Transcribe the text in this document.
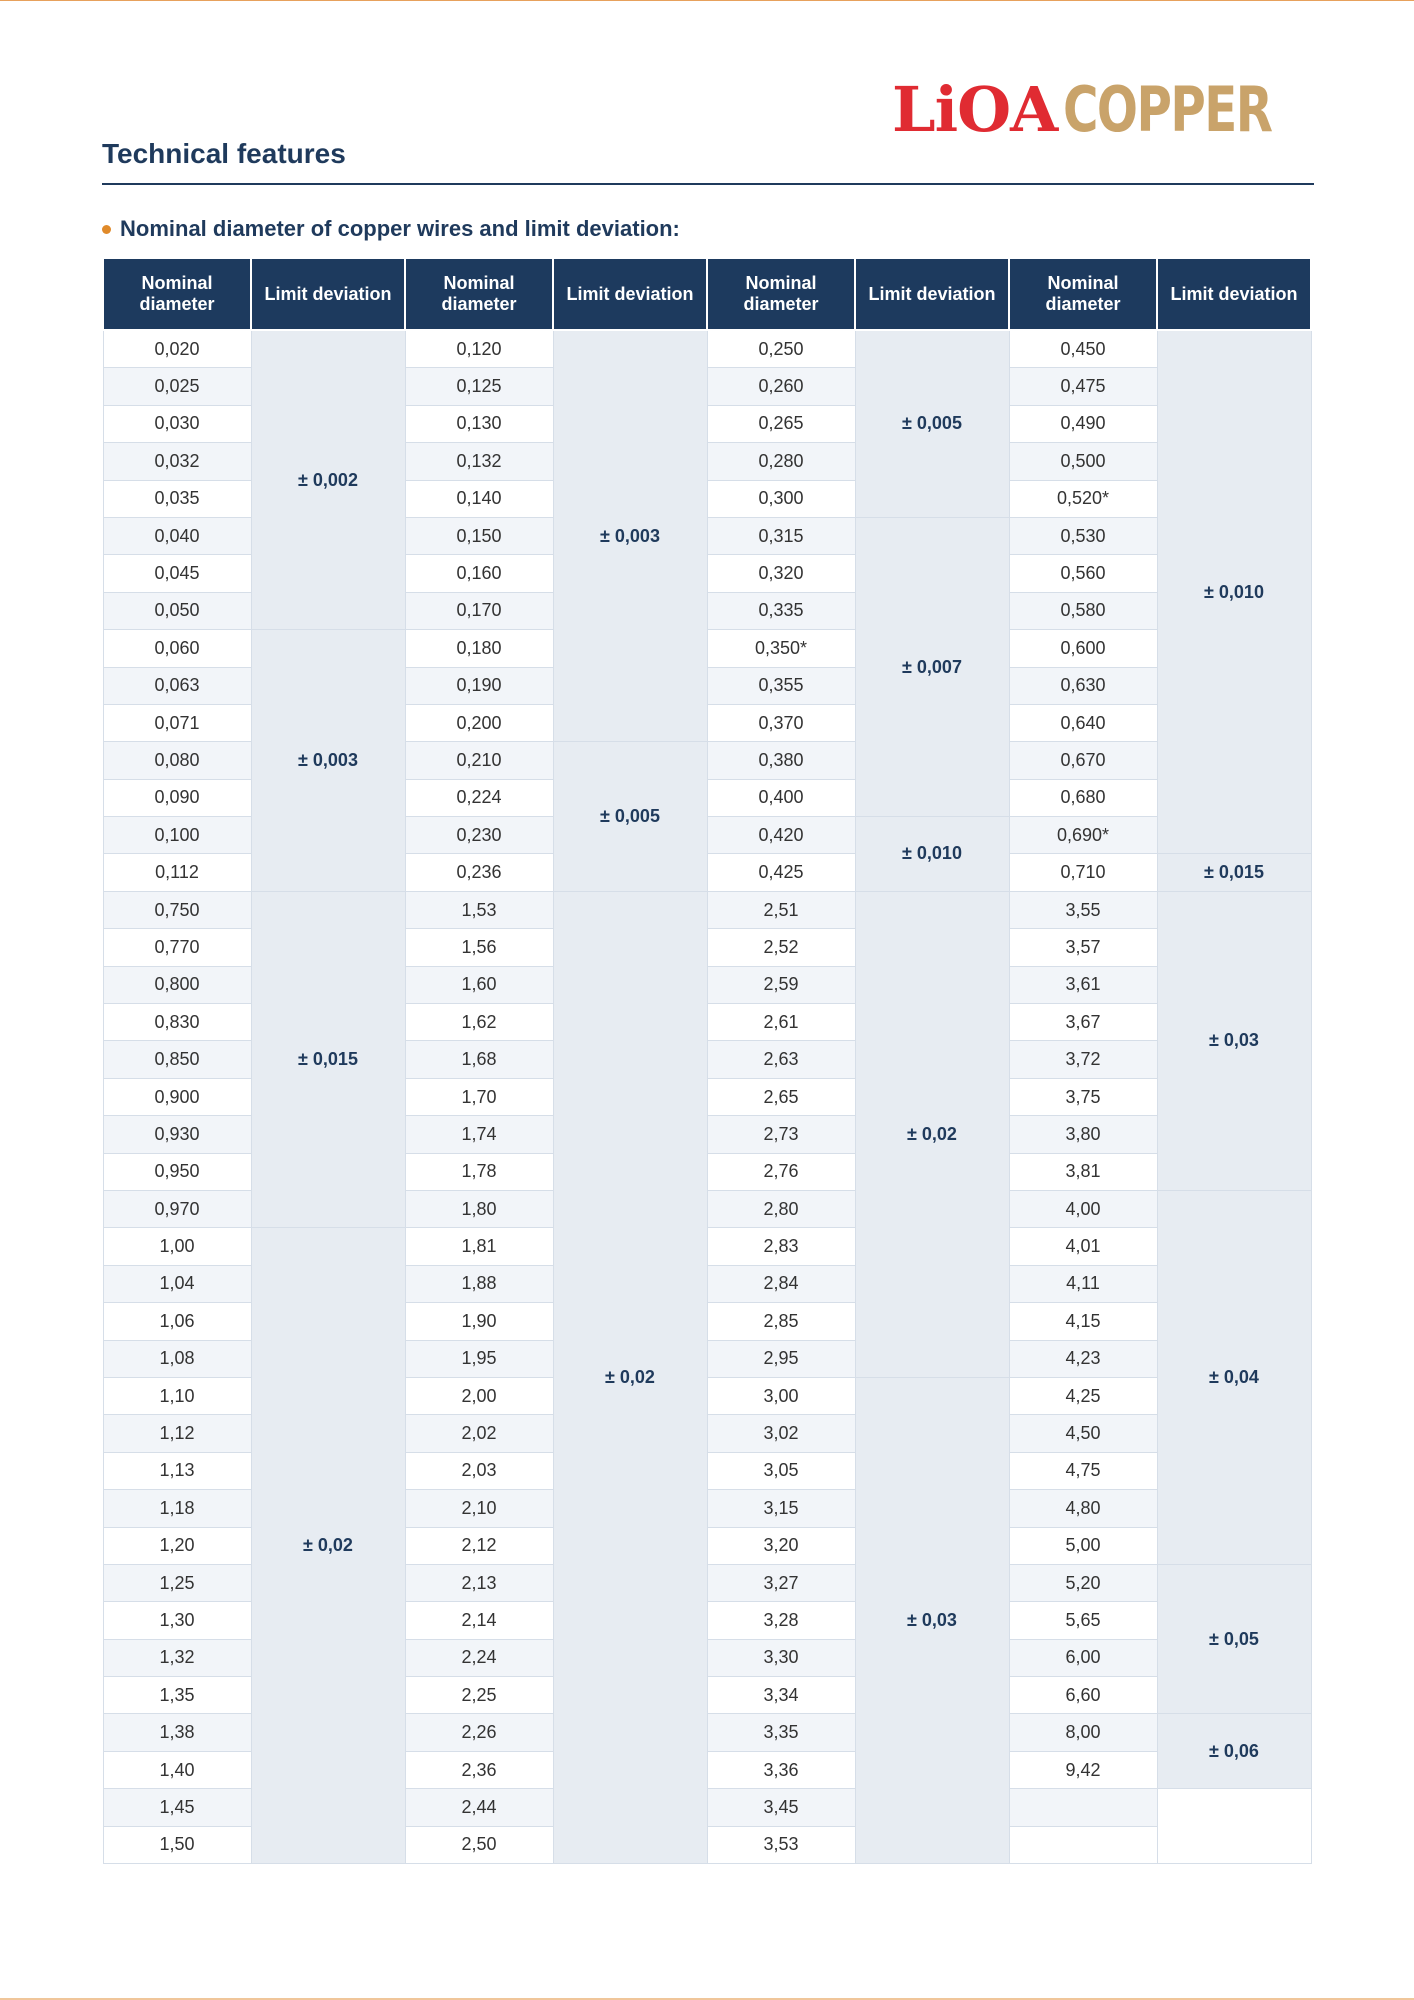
LiOA COPPER
Technical features
Nominal diameter of copper wires and limit deviation:
Nominal diameter	Limit deviation	Nominal diameter	Limit deviation	Nominal diameter	Limit deviation	Nominal diameter	Limit deviation
0,020	± 0,002	0,120	± 0,003	0,250	± 0,005	0,450	± 0,010
0,025		0,125		0,260		0,475	
0,030		0,130		0,265		0,490	
0,032		0,132		0,280		0,500	
0,035		0,140		0,300		0,520*	
0,040		0,150		0,315	± 0,007	0,530	
0,045		0,160		0,320		0,560	
0,050		0,170		0,335		0,580	
0,060	± 0,003	0,180		0,350*		0,600	
0,063		0,190		0,355		0,630	
0,071		0,200		0,370		0,640	
0,080		0,210	± 0,005	0,380		0,670	
0,090		0,224		0,400		0,680	
0,100		0,230		0,420	± 0,010	0,690*	
0,112		0,236		0,425		0,710	± 0,015
0,750	± 0,015	1,53	± 0,02	2,51	± 0,02	3,55	± 0,03
0,770		1,56		2,52		3,57	
0,800		1,60		2,59		3,61	
0,830		1,62		2,61		3,67	
0,850		1,68		2,63		3,72	
0,900		1,70		2,65		3,75	
0,930		1,74		2,73		3,80	
0,950		1,78		2,76		3,81	
0,970		1,80		2,80		4,00	± 0,04
1,00	± 0,02	1,81		2,83		4,01	
1,04		1,88		2,84		4,11	
1,06		1,90		2,85		4,15	
1,08		1,95		2,95		4,23	
1,10		2,00		3,00	± 0,03	4,25	
1,12		2,02		3,02		4,50	
1,13		2,03		3,05		4,75	
1,18		2,10		3,15		4,80	
1,20		2,12		3,20		5,00	
1,25		2,13		3,27		5,20	± 0,05
1,30		2,14		3,28		5,65	
1,32		2,24		3,30		6,00	
1,35		2,25		3,34		6,60	
1,38		2,26		3,35		8,00	± 0,06
1,40		2,36		3,36		9,42	
1,45		2,44		3,45			
1,50		2,50		3,53			
